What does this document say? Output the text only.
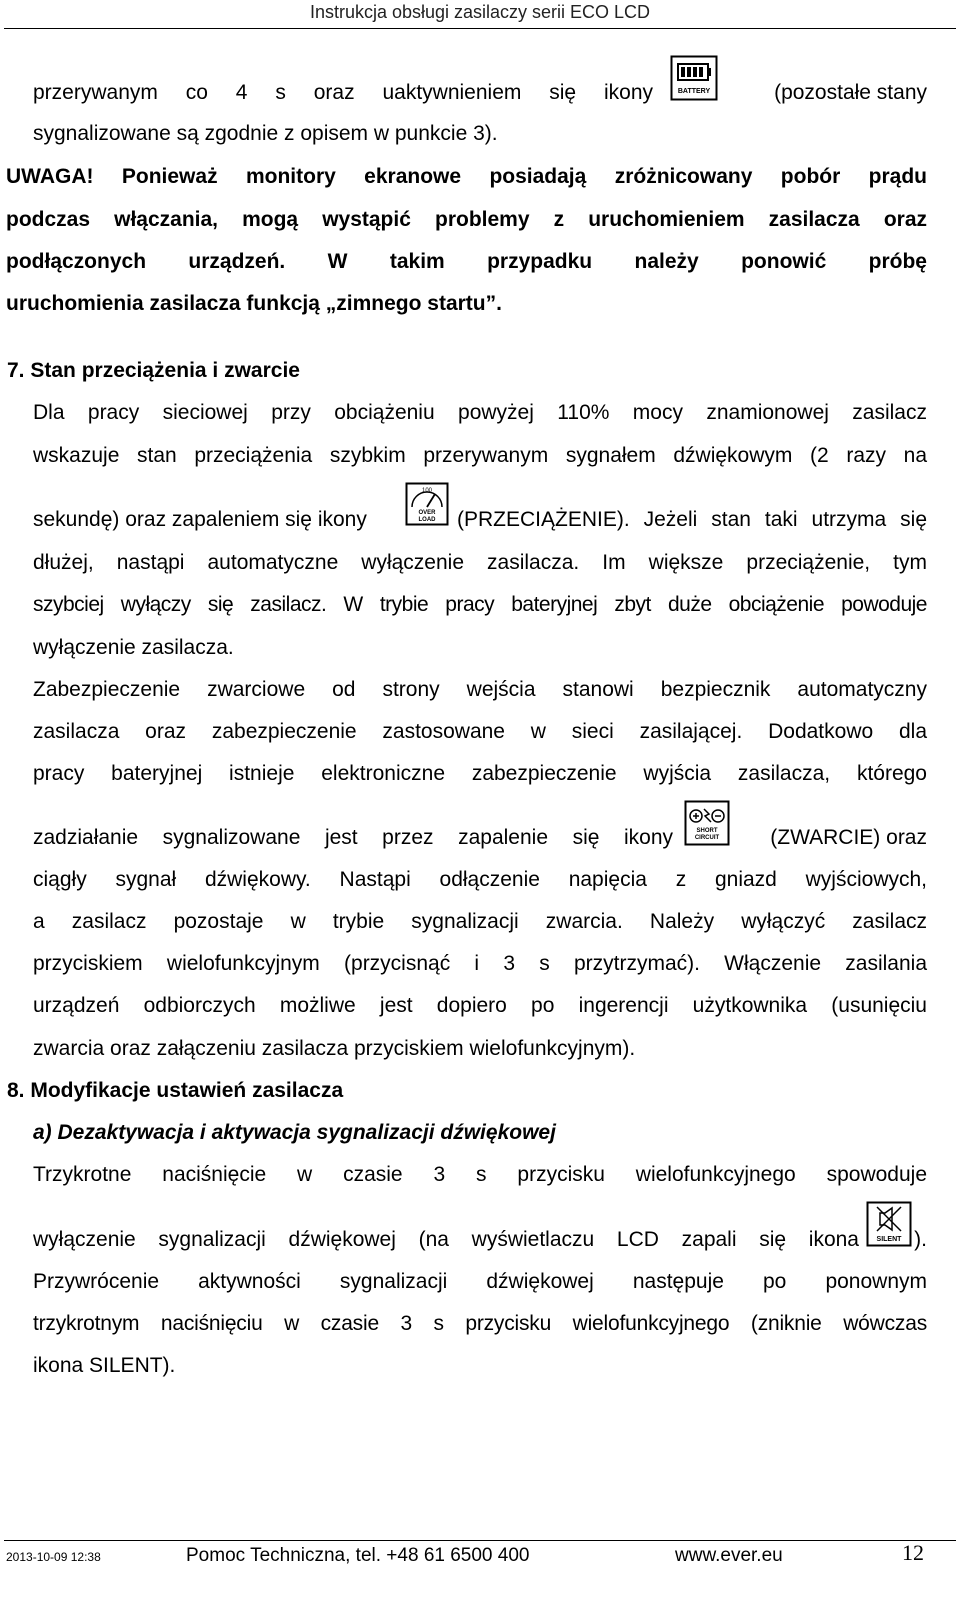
Instrukcja obsługi zasilaczy serii ECO LCD
przerywanym co 4 s oraz uaktywnieniem się ikony	(pozostałe stany
BATTERY
sygnalizowane są zgodnie z opisem w punkcie 3).
UWAGA! Ponieważ monitory ekranowe posiadają zróżnicowany pobór prądu
podczas włączania, mogą wystąpić problemy z uruchomieniem zasilacza oraz
podłączonych urządzeń. W takim przypadku należy ponowić próbę
uruchomienia zasilacza funkcją „zimnego startu”.
7. Stan przeciążenia i zwarcie
Dla pracy sieciowej przy obciążeniu powyżej 110% mocy znamionowej zasilacz
wskazuje stan przeciążenia szybkim przerywanym sygnałem dźwiękowym (2 razy na
sekundę) oraz zapaleniem się ikony	(PRZECIĄŻENIE). Jeżeli stan taki utrzyma się
100
OVER
LOAD
dłużej, nastąpi automatyczne wyłączenie zasilacza. Im większe przeciążenie, tym
szybciej wyłączy się zasilacz. W trybie pracy bateryjnej zbyt duże obciążenie powoduje
wyłączenie zasilacza.
Zabezpieczenie zwarciowe od strony wejścia stanowi bezpiecznik automatyczny
zasilacza oraz zabezpieczenie zastosowane w sieci zasilającej. Dodatkowo dla
pracy bateryjnej istnieje elektroniczne zabezpieczenie wyjścia zasilacza, którego
zadziałanie sygnalizowane jest przez zapalenie się ikony	(ZWARCIE) oraz
SHORT
CIRCUIT
ciągły sygnał dźwiękowy. Nastąpi odłączenie napięcia z gniazd wyjściowych,
a zasilacz pozostaje w trybie sygnalizacji zwarcia. Należy wyłączyć zasilacz
przyciskiem wielofunkcyjnym (przycisnąć i 3 s przytrzymać). Włączenie zasilania
urządzeń odbiorczych możliwe jest dopiero po ingerencji użytkownika (usunięciu
zwarcia oraz załączeniu zasilacza przyciskiem wielofunkcyjnym).
8. Modyfikacje ustawień zasilacza
a) Dezaktywacja i aktywacja sygnalizacji dźwiękowej
Trzykrotne naciśnięcie w czasie 3 s przycisku wielofunkcyjnego spowoduje
wyłączenie sygnalizacji dźwiękowej (na wyświetlaczu LCD zapali się ikona	).
SILENT
Przywrócenie aktywności sygnalizacji dźwiękowej następuje po ponownym
trzykrotnym naciśnięciu w czasie 3 s przycisku wielofunkcyjnego (zniknie wówczas
ikona SILENT).
2013-10-09 12:38	Pomoc Techniczna, tel. +48 61 6500 400	www.ever.eu	12
